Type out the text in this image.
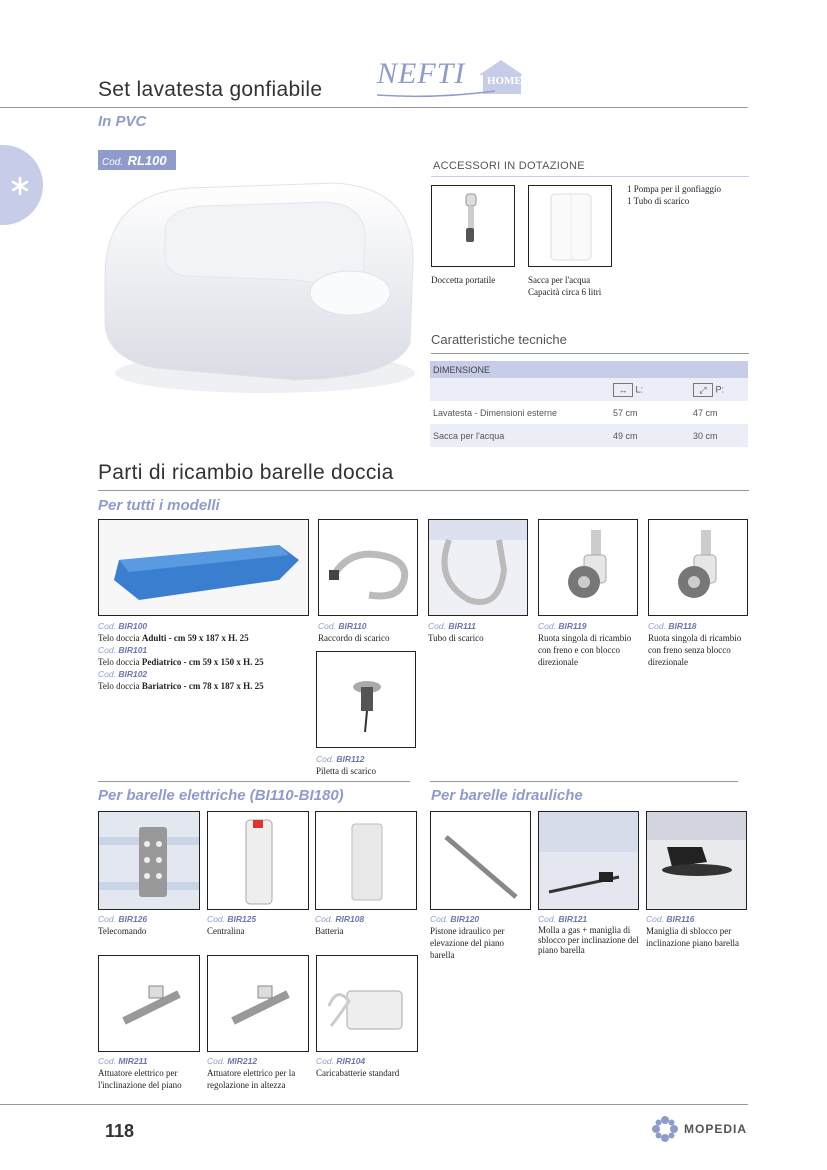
Set lavatesta gonfiabile NEFTI HOME
In PVC
Cod. RL100	ACCESSORI IN DOTAZIONE
Doccetta portatile	Sacca per l'acqua
Capacità circa 6 litri
1 Pompa per il gonfiaggio
1 Tubo di scarico
Caratteristiche tecniche
DIMENSIONE		
	↔ L:	⤢ P:
Lavatesta - Dimensioni esterne	57 cm	47 cm
Sacca per l'acqua	49 cm	30 cm
Parti di ricambio barelle doccia
Per tutti i modelli
Cod. BIR100
Telo doccia Adulti - cm 59 x 187 x H. 25
Cod. BIR101
Telo doccia Pediatrico - cm 59 x 150 x H. 25
Cod. BIR102
Telo doccia Bariatrico - cm 78 x 187 x H. 25
Cod. BIR110
Raccordo di scarico
Cod. BIR111
Tubo di scarico
Cod. BIR119
Ruota singola di ricambio con freno e con blocco direzionale
Cod. BIR118
Ruota singola di ricambio con freno senza blocco direzionale
Cod. BIR112
Piletta di scarico
Per barelle elettriche (BI110-BI180)	Per barelle idrauliche
Cod. BIR126
Telecomando
Cod. BIR125
Centralina
Cod. RIR108
Batteria
Cod. BIR120
Pistone idraulico per elevazione del piano barella
Cod. BIR121
Molla a gas + maniglia di sblocco per inclinazione del piano barella
Cod. BIR116
Maniglia di sblocco per inclinazione piano barella
Cod. MIR211
Attuatore elettrico per l'inclinazione del piano
Cod. MIR212
Attuatore elettrico per la regolazione in altezza
Cod. RIR104
Caricabatterie standard
118	MOPEDIA
